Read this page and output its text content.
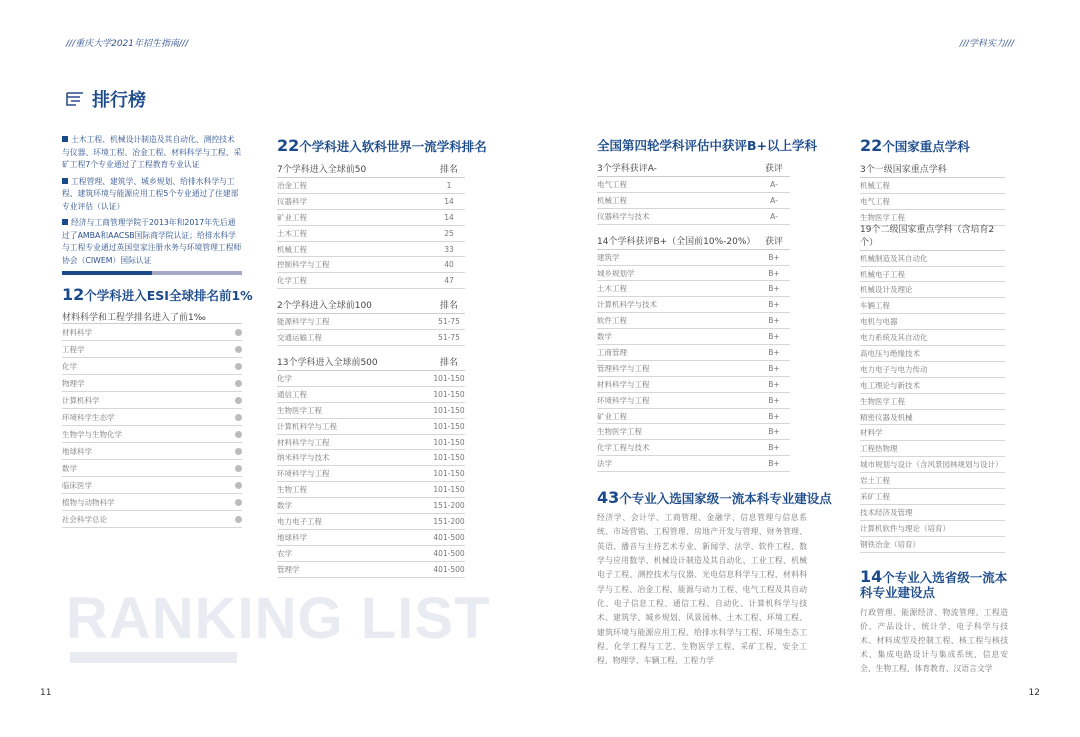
///重庆大学2021年招生指南///	///学科实力///
排行榜
土木工程、机械设计制造及其自动化、测控技术与仪器、环境工程、冶金工程、材料科学与工程、采矿工程7个专业通过了工程教育专业认证
工程管理、建筑学、城乡规划、给排水科学与工程、建筑环境与能源应用工程5个专业通过了住建部专业评估（认证）
经济与工商管理学院于2013年和2017年先后通过了AMBA和AACSB国际商学院认证；给排水科学与工程专业通过英国皇家注册水务与环境管理工程师协会（CIWEM）国际认证
12个学科进入ESI全球排名前1%
材料科学和工程学排名进入了前1‰
材料科学
工程学
化学
物理学
计算机科学
环境科学生态学
生物学与生物化学
地球科学
数学
临床医学
植物与动物科学
社会科学总论
22个学科进入软科世界一流学科排名
7个学科进入全球前50	排名
冶金工程	1
仪器科学	14
矿业工程	14
土木工程	25
机械工程	33
控制科学与工程	40
化学工程	47
2个学科进入全球前100	排名
能源科学与工程	51-75
交通运输工程	51-75
13个学科进入全球前500	排名
化学	101-150
通信工程	101-150
生物医学工程	101-150
计算机科学与工程	101-150
材料科学与工程	101-150
纳米科学与技术	101-150
环境科学与工程	101-150
生物工程	101-150
数学	151-200
电力电子工程	151-200
地球科学	401-500
农学	401-500
管理学	401-500
全国第四轮学科评估中获评B+以上学科
3个学科获评A-	获评
电气工程	A-
机械工程	A-
仪器科学与技术	A-
14个学科获评B+（全国前10%-20%）	获评
建筑学	B+
城乡规划学	B+
土木工程	B+
计算机科学与技术	B+
软件工程	B+
数学	B+
工商管理	B+
管理科学与工程	B+
材料科学与工程	B+
环境科学与工程	B+
矿业工程	B+
生物医学工程	B+
化学工程与技术	B+
法学	B+
43个专业入选国家级一流本科专业建设点
经济学、会计学、工商管理、金融学、信息管理与信息系统、市场营销、工程管理、房地产开发与管理、财务管理、英语、播音与主持艺术专业、新闻学、法学、软件工程、数学与应用数学、机械设计制造及其自动化、工业工程、机械电子工程、测控技术与仪器、光电信息科学与工程、材料科学与工程、冶金工程、能源与动力工程、电气工程及其自动化、电子信息工程、通信工程、自动化、计算机科学与技术、建筑学、城乡规划、风景园林、土木工程、环境工程、建筑环境与能源应用工程、给排水科学与工程、环境生态工程、化学工程与工艺、生物医学工程、采矿工程、安全工程、物理学、车辆工程、工程力学
22个国家重点学科
3个一级国家重点学科
机械工程
电气工程
生物医学工程
19个二级国家重点学科（含培育2个）
机械制造及其自动化
机械电子工程
机械设计及理论
车辆工程
电机与电器
电力系统及其自动化
高电压与绝缘技术
电力电子与电力传动
电工理论与新技术
生物医学工程
精密仪器及机械
材料学
工程热物理
城市规划与设计（含风景园林规划与设计）
岩土工程
采矿工程
技术经济及管理
计算机软件与理论（培育）
钢铁冶金（培育）
14个专业入选省级一流本科专业建设点
行政管理、能源经济、物流管理、工程造价、产品设计、统计学、电子科学与技术、材料成型及控制工程、核工程与核技术、集成电路设计与集成系统、信息安全、生物工程、体育教育、汉语言文学
RANKING LIST
11	12
